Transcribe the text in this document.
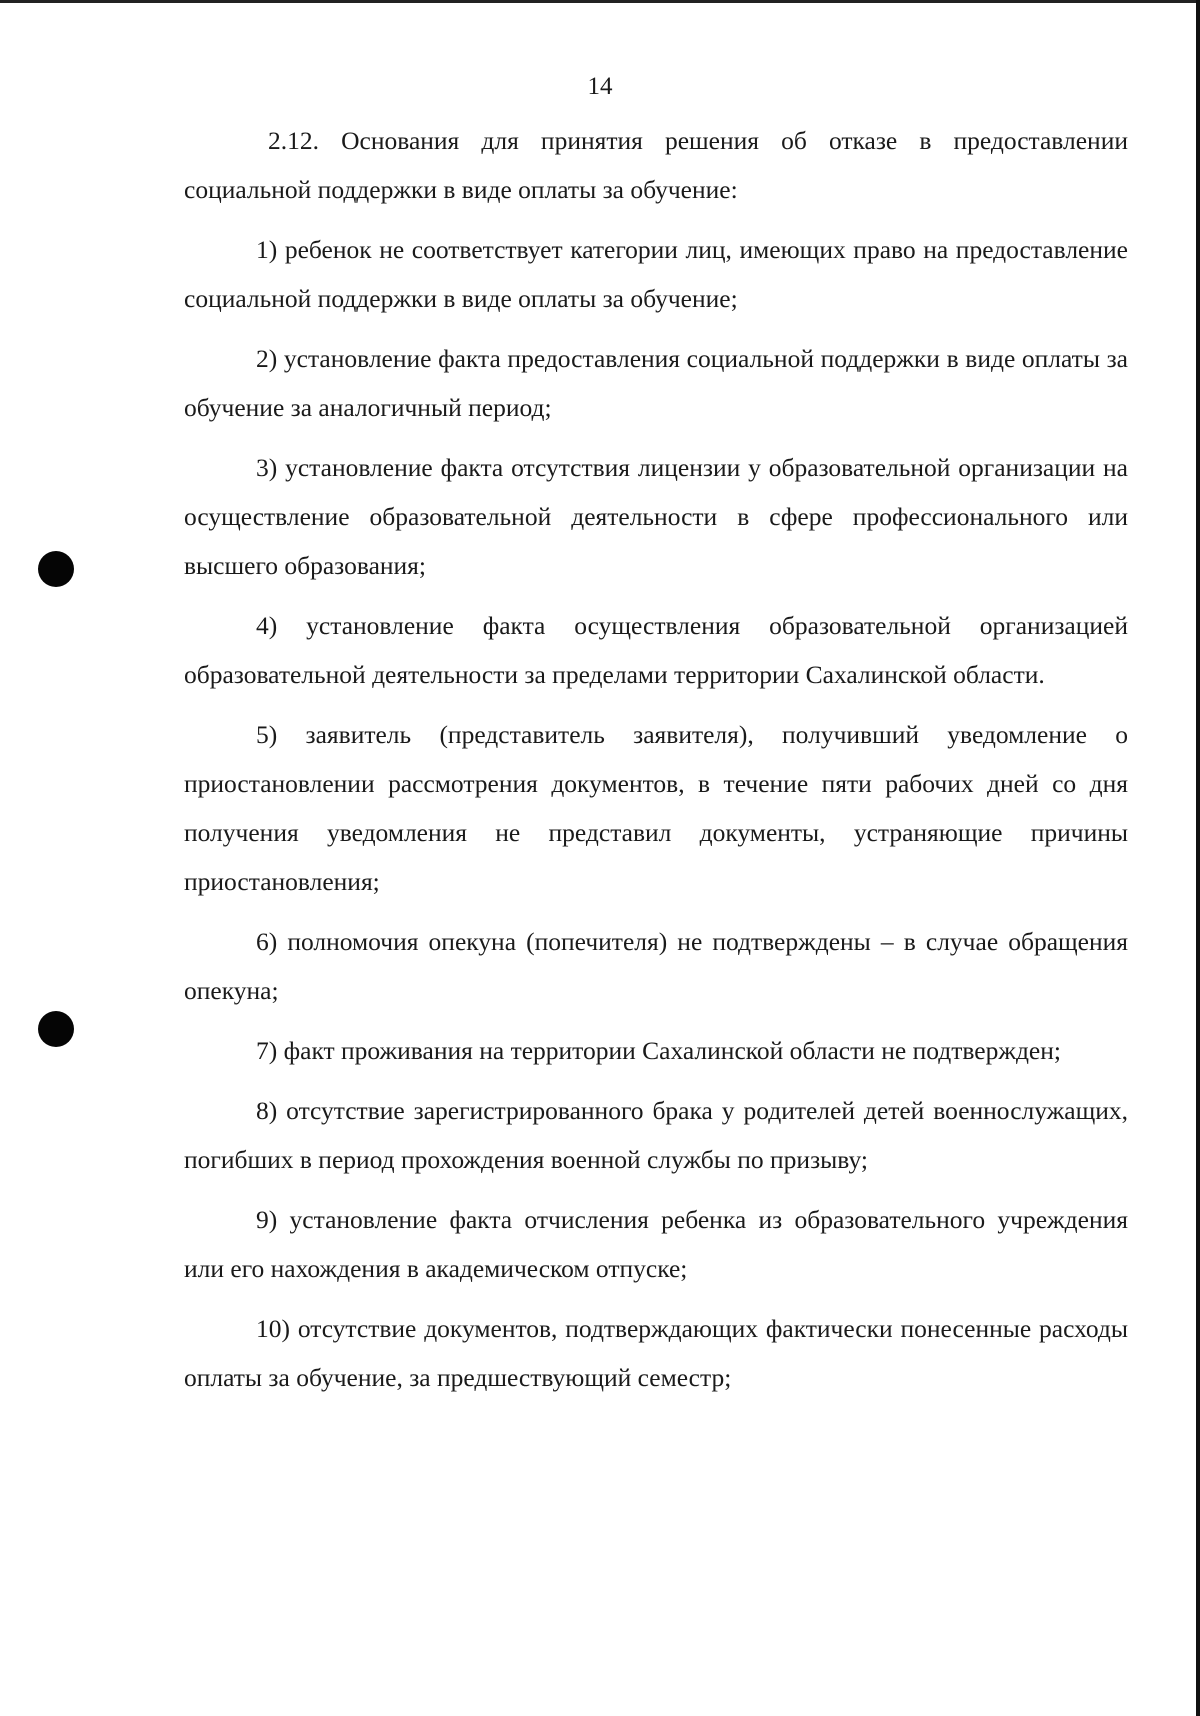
14

2.12. Основания для принятия решения об отказе в предоставлении социальной поддержки в виде оплаты за обучение:

1) ребенок не соответствует категории лиц, имеющих право на предоставление социальной поддержки в виде оплаты за обучение;

2) установление факта предоставления социальной поддержки в виде оплаты за обучение за аналогичный период;

3) установление факта отсутствия лицензии у образовательной организации на осуществление образовательной деятельности в сфере профессионального или высшего образования;

4) установление факта осуществления образовательной организацией образовательной деятельности за пределами территории Сахалинской области.

5) заявитель (представитель заявителя), получивший уведомление о приостановлении рассмотрения документов, в течение пяти рабочих дней со дня получения уведомления не представил документы, устраняющие причины приостановления;

6) полномочия опекуна (попечителя) не подтверждены – в случае обращения опекуна;

7) факт проживания на территории Сахалинской области не подтвержден;

8) отсутствие зарегистрированного брака у родителей детей военнослужащих, погибших в период прохождения военной службы по призыву;

9) установление факта отчисления ребенка из образовательного учреждения или его нахождения в академическом отпуске;

10) отсутствие документов, подтверждающих фактически понесенные расходы оплаты за обучение, за предшествующий семестр;
